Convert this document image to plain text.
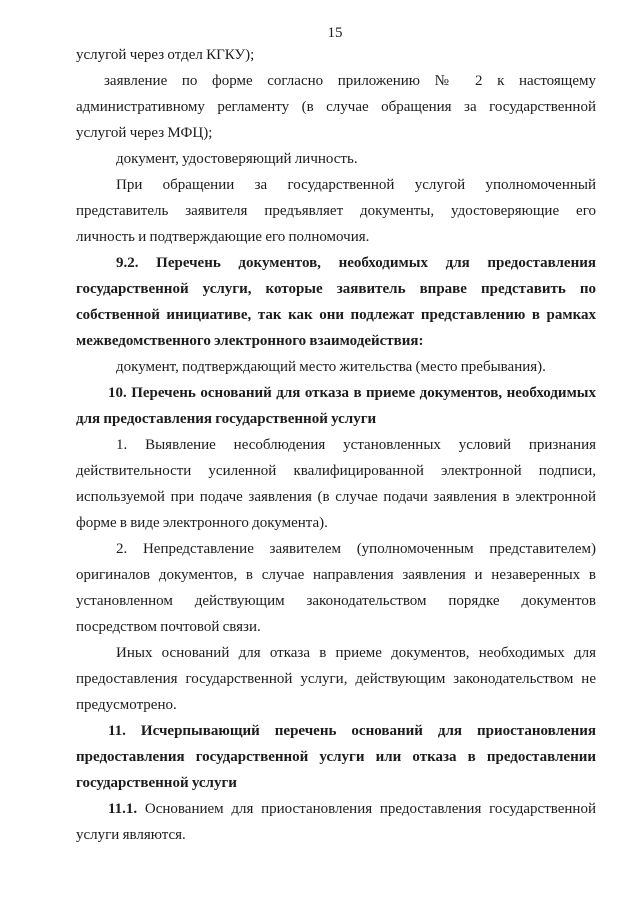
15
услугой через отдел КГКУ);
заявление по форме согласно приложению № 2 к настоящему
административному регламенту (в случае обращения за государственной
услугой через МФЦ);
документ, удостоверяющий личность.
При обращении за государственной услугой уполномоченный
представитель заявителя предъявляет документы, удостоверяющие его
личность и подтверждающие его полномочия.
9.2. Перечень документов, необходимых для предоставления
государственной услуги, которые заявитель вправе представить по
собственной инициативе, так как они подлежат представлению в рамках
межведомственного электронного взаимодействия:
документ, подтверждающий место жительства (место пребывания).
10. Перечень оснований для отказа в приеме документов, необходимых
для предоставления государственной услуги
1. Выявление несоблюдения установленных условий признания
действительности усиленной квалифицированной электронной подписи,
используемой при подаче заявления (в случае подачи заявления в электронной
форме в виде электронного документа).
2. Непредставление заявителем (уполномоченным представителем)
оригиналов документов, в случае направления заявления и незаверенных в
установленном действующим законодательством порядке документов
посредством почтовой связи.
Иных оснований для отказа в приеме документов, необходимых для
предоставления государственной услуги, действующим законодательством не
предусмотрено.
11. Исчерпывающий перечень оснований для приостановления
предоставления государственной услуги или отказа в предоставлении
государственной услуги
11.1. Основанием для приостановления предоставления государственной
услуги являются.
